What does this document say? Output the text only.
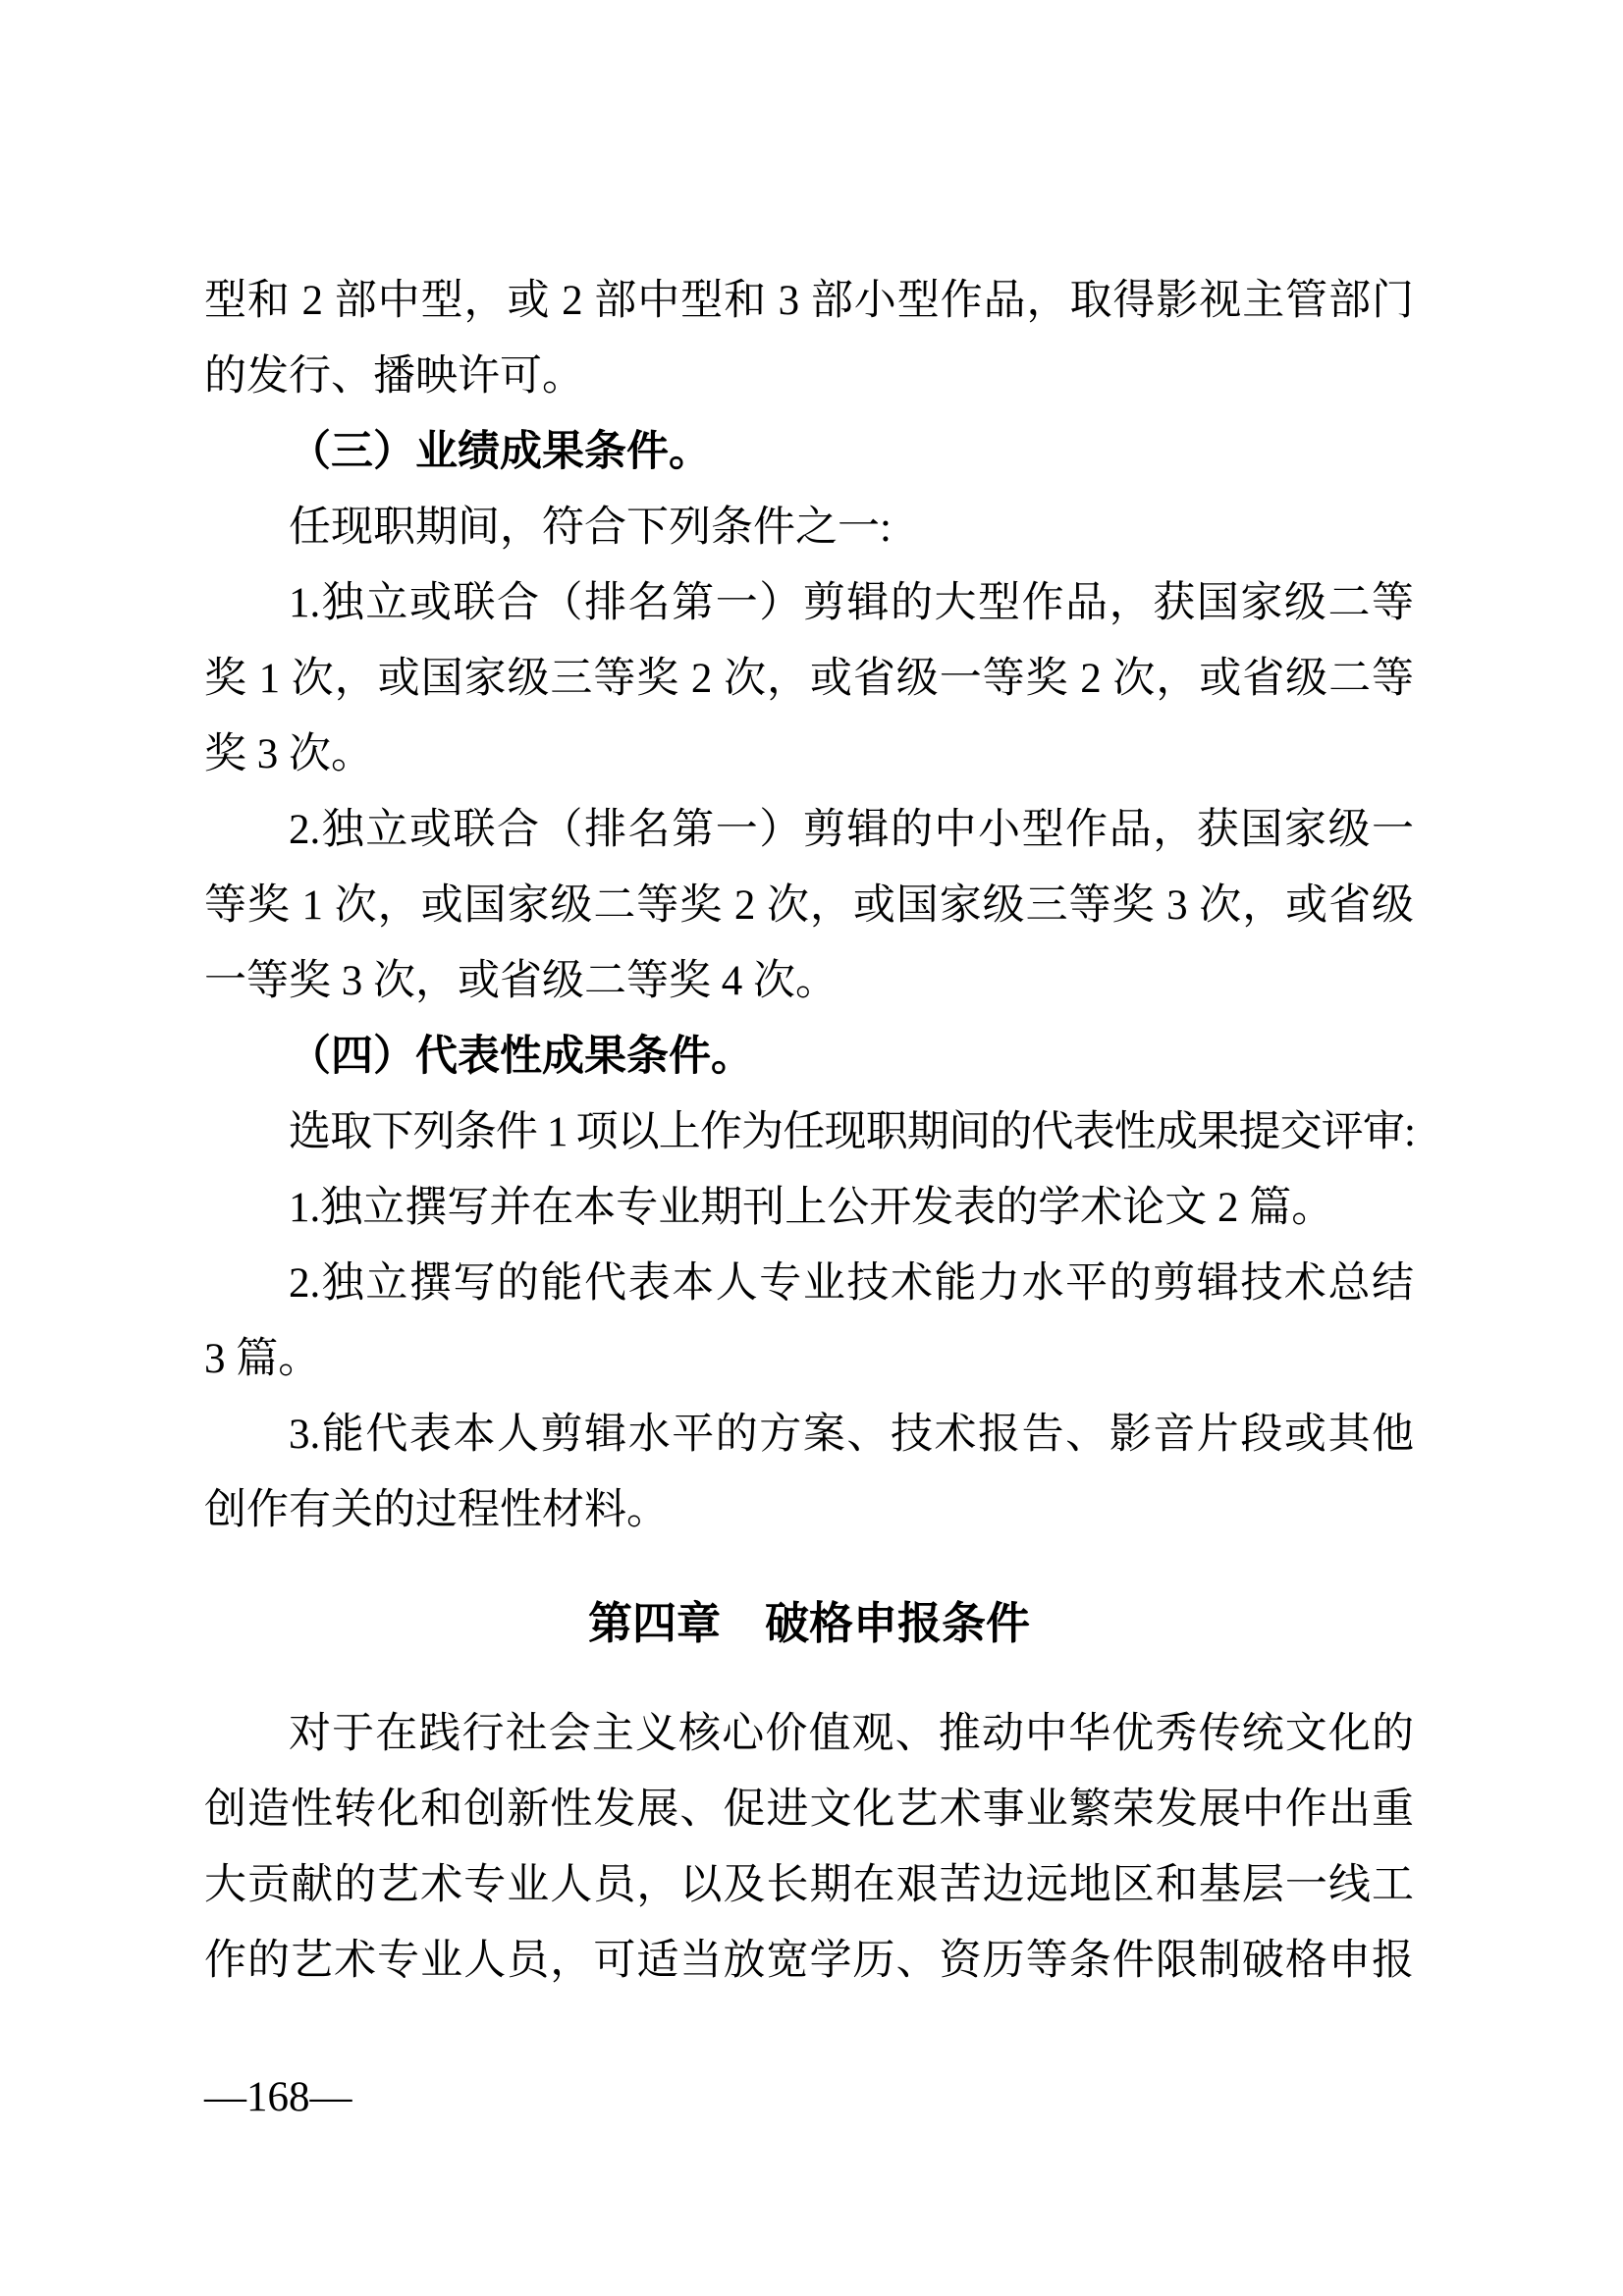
型和 2 部中型，或 2 部中型和 3 部小型作品，取得影视主管部门
的发行、播映许可。
（三）业绩成果条件。
任现职期间，符合下列条件之一:
1.独立或联合（排名第一）剪辑的大型作品，获国家级二等
奖 1 次，或国家级三等奖 2 次，或省级一等奖 2 次，或省级二等
奖 3 次。
2.独立或联合（排名第一）剪辑的中小型作品，获国家级一
等奖 1 次，或国家级二等奖 2 次，或国家级三等奖 3 次，或省级
一等奖 3 次，或省级二等奖 4 次。
（四）代表性成果条件。
选取下列条件 1 项以上作为任现职期间的代表性成果提交评审:
1.独立撰写并在本专业期刊上公开发表的学术论文 2 篇。
2.独立撰写的能代表本人专业技术能力水平的剪辑技术总结
3 篇。
3.能代表本人剪辑水平的方案、技术报告、影音片段或其他
创作有关的过程性材料。
第四章　破格申报条件
对于在践行社会主义核心价值观、推动中华优秀传统文化的
创造性转化和创新性发展、促进文化艺术事业繁荣发展中作出重
大贡献的艺术专业人员，以及长期在艰苦边远地区和基层一线工
作的艺术专业人员，可适当放宽学历、资历等条件限制破格申报
—168—
